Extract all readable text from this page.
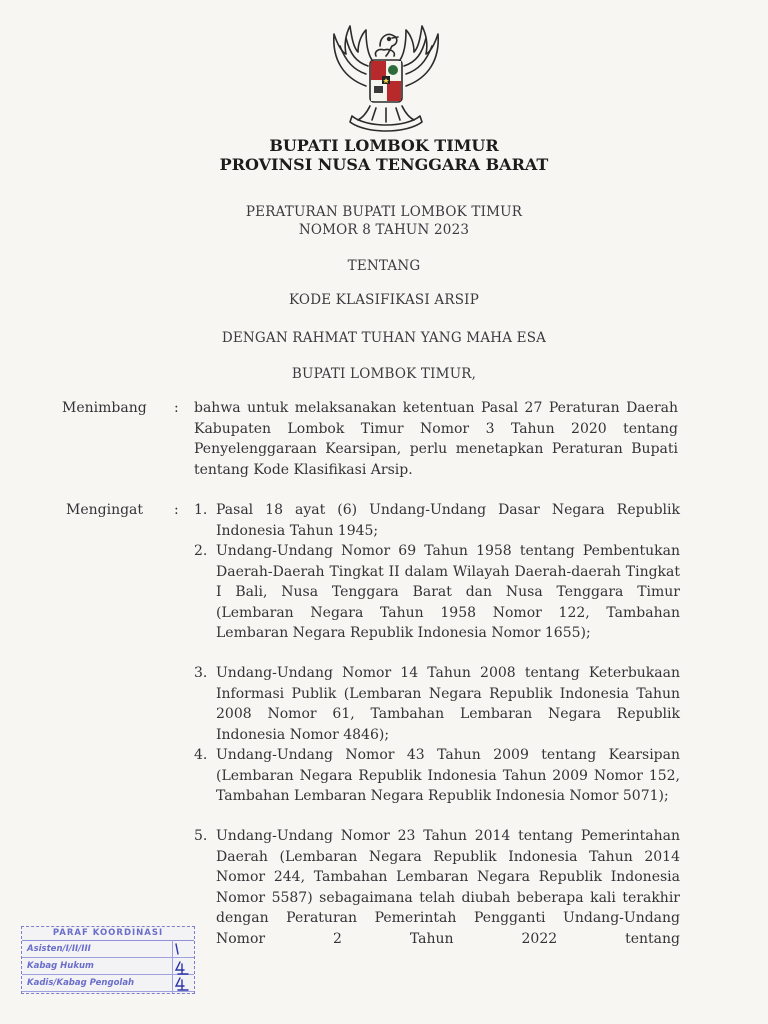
BUPATI LOMBOK TIMUR
PROVINSI NUSA TENGGARA BARAT
PERATURAN BUPATI LOMBOK TIMUR
NOMOR 8 TAHUN 2023
TENTANG
KODE KLASIFIKASI ARSIP
DENGAN RAHMAT TUHAN YANG MAHA ESA
BUPATI LOMBOK TIMUR,
Menimbang : bahwa untuk melaksanakan ketentuan Pasal 27 Peraturan Daerah Kabupaten Lombok Timur Nomor 3 Tahun 2020 tentang Penyelenggaraan Kearsipan, perlu menetapkan Peraturan Bupati tentang Kode Klasifikasi Arsip.
Mengingat : 1. Pasal 18 ayat (6) Undang-Undang Dasar Negara Republik Indonesia Tahun 1945;
2. Undang-Undang Nomor 69 Tahun 1958 tentang Pembentukan Daerah-Daerah Tingkat II dalam Wilayah Daerah-daerah Tingkat I Bali, Nusa Tenggara Barat dan Nusa Tenggara Timur (Lembaran Negara Tahun 1958 Nomor 122, Tambahan Lembaran Negara Republik Indonesia Nomor 1655);
3. Undang-Undang Nomor 14 Tahun 2008 tentang Keterbukaan Informasi Publik (Lembaran Negara Republik Indonesia Tahun 2008 Nomor 61, Tambahan Lembaran Negara Republik Indonesia Nomor 4846);
4. Undang-Undang Nomor 43 Tahun 2009 tentang Kearsipan (Lembaran Negara Republik Indonesia Tahun 2009 Nomor 152, Tambahan Lembaran Negara Republik Indonesia Nomor 5071);
5. Undang-Undang Nomor 23 Tahun 2014 tentang Pemerintahan Daerah (Lembaran Negara Republik Indonesia Tahun 2014 Nomor 244, Tambahan Lembaran Negara Republik Indonesia Nomor 5587) sebagaimana telah diubah beberapa kali terakhir dengan Peraturan Pemerintah Pengganti Undang-Undang Nomor 2 Tahun 2022 tentang
PARAF KOORDINASI
Asisten/I/II/III
Kabag Hukum
Kadis/Kabag Pengolah
